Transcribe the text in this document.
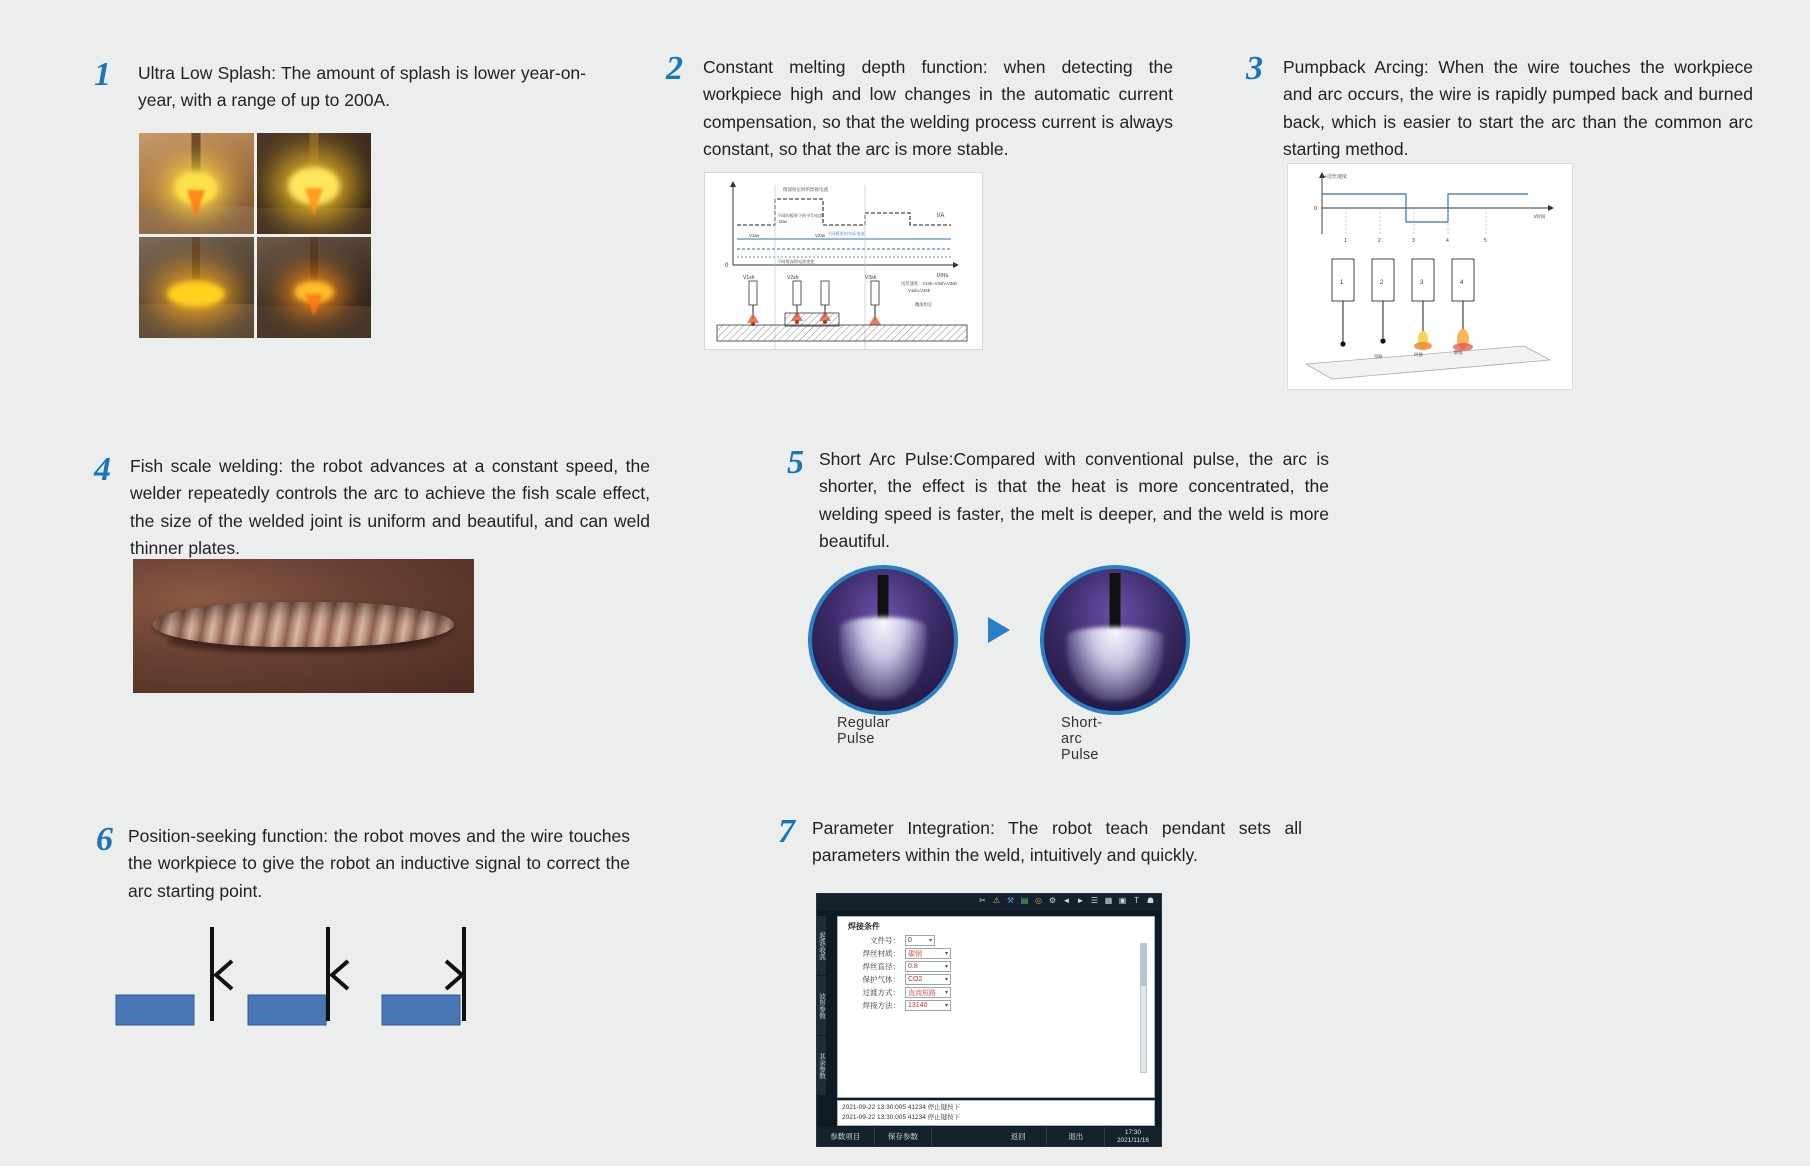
1 Ultra Low Splash: The amount of splash is lower year-on-year, with a range of up to 200A.
2 Constant melting depth function: when detecting the workpiece high and low changes in the automatic current compensation, so that the welding process current is always constant, so that the arc is more stable.
I/A
t/ms
0
熔深恒定时的焊接电流
不同的板厚下的平均电流
I2av
不同板厚的实际电流
不同熔深的电流变化
V1av	V2av
V1sh	V2sh	V3sh
送丝速度：V1sh=V2sh=V3sh
V1sh=V3sh
精深恒定
3 Pumpback Arcing: When the wire touches the workpiece and arc occurs, the wire is rapidly pumped back and burned back, which is easier to start the arc than the common arc starting method.
+送丝速度
0
t/时间
1	2	3	4	5
1	2	3	4
短路	回抽	燃弧
4 Fish scale welding: the robot advances at a constant speed, the welder repeatedly controls the arc to achieve the fish scale effect, the size of the welded joint is uniform and beautiful, and can weld thinner plates.
5 Short Arc Pulse:Compared with conventional pulse, the arc is shorter, the effect is that the heat is more concentrated, the welding speed is faster, the melt is deeper, and the weld is more beautiful.
Regular Pulse
Short-arc Pulse
6 Position-seeking function: the robot moves and the wire touches the workpiece to give the robot an inductive signal to correct the arc starting point.
7 Parameter Integration: The robot teach pendant sets all parameters within the weld, intuitively and quickly.
✂ ⚠ ⚒ ▤ ◎ ⚙ ◄ ► ☰ ▦ ▣ T ☗
起弧/收弧
波形参数
其余参数
焊接条件
文件号： 0	▾
焊丝材质： 碳钢	▾
焊丝直径： 0.8	▾
保护气体： CO2	▾
过渡方式： 直流短路 ▾
焊接方法： 13140	▾
2021-09-22 13:30:005 41234 停止键按下
2021-09-22 13:30:005 41234 停止键按下
参数项目	保存参数	返回	退出	17:30
2021/11/16
